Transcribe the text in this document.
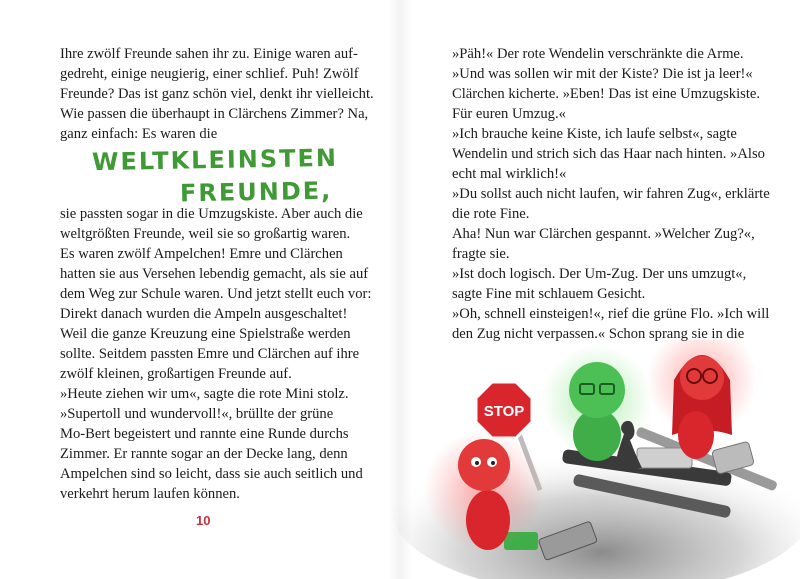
Ihre zwölf Freunde sahen ihr zu. Einige waren auf-
gedreht, einige neugierig, einer schlief. Puh! Zwölf
Freunde? Das ist ganz schön viel, denkt ihr vielleicht.
Wie passen die überhaupt in Clärchens Zimmer? Na,
ganz einfach: Es waren die
WELTKLEINSTEN
FREUNDE,
sie passten sogar in die Umzugskiste. Aber auch die
weltgrößten Freunde, weil sie so großartig waren.
Es waren zwölf Ampelchen! Emre und Clärchen
hatten sie aus Versehen lebendig gemacht, als sie auf
dem Weg zur Schule waren. Und jetzt stellt euch vor:
Direkt danach wurden die Ampeln ausgeschaltet!
Weil die ganze Kreuzung eine Spielstraße werden
sollte. Seitdem passten Emre und Clärchen auf ihre
zwölf kleinen, großartigen Freunde auf.
»Heute ziehen wir um«, sagte die rote Mini stolz.
»Supertoll und wundervoll!«, brüllte der grüne
Mo-Bert begeistert und rannte eine Runde durchs
Zimmer. Er rannte sogar an der Decke lang, denn
Ampelchen sind so leicht, dass sie auch seitlich und
verkehrt herum laufen können.
10
»Päh!« Der rote Wendelin verschränkte die Arme.
»Und was sollen wir mit der Kiste? Die ist ja leer!«
Clärchen kicherte. »Eben! Das ist eine Umzugskiste.
Für euren Umzug.«
»Ich brauche keine Kiste, ich laufe selbst«, sagte
Wendelin und strich sich das Haar nach hinten. »Also
echt mal wirklich!«
»Du sollst auch nicht laufen, wir fahren Zug«, erklärte
die rote Fine.
Aha! Nun war Clärchen gespannt. »Welcher Zug?«,
fragte sie.
»Ist doch logisch. Der Um-Zug. Der uns umzugt«,
sagte Fine mit schlauem Gesicht.
»Oh, schnell einsteigen!«, rief die grüne Flo. »Ich will
den Zug nicht verpassen.« Schon sprang sie in die
STOP
